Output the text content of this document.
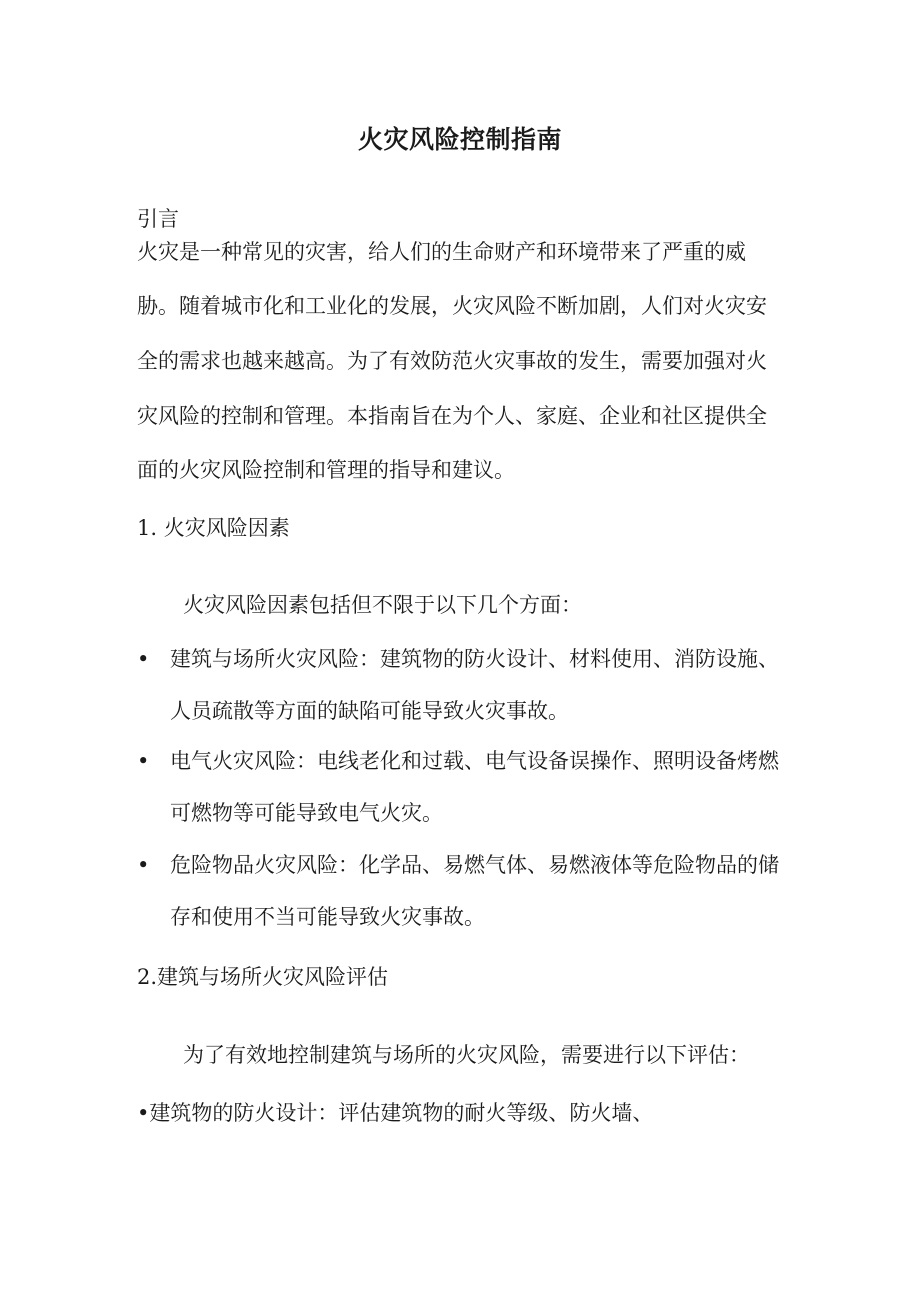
火灾风险控制指南
引言
火灾是一种常见的灾害，给人们的生命财产和环境带来了严重的威
胁。随着城市化和工业化的发展，火灾风险不断加剧，人们对火灾安
全的需求也越来越高。为了有效防范火灾事故的发生，需要加强对火
灾风险的控制和管理。本指南旨在为个人、家庭、企业和社区提供全
面的火灾风险控制和管理的指导和建议。
1. 火灾风险因素
火灾风险因素包括但不限于以下几个方面：
• 建筑与场所火灾风险：建筑物的防火设计、材料使用、消防设施、
人员疏散等方面的缺陷可能导致火灾事故。
• 电气火灾风险：电线老化和过载、电气设备误操作、照明设备烤燃
可燃物等可能导致电气火灾。
• 危险物品火灾风险：化学品、易燃气体、易燃液体等危险物品的储
存和使用不当可能导致火灾事故。
2.建筑与场所火灾风险评估
为了有效地控制建筑与场所的火灾风险，需要进行以下评估：
•建筑物的防火设计：评估建筑物的耐火等级、防火墙、
